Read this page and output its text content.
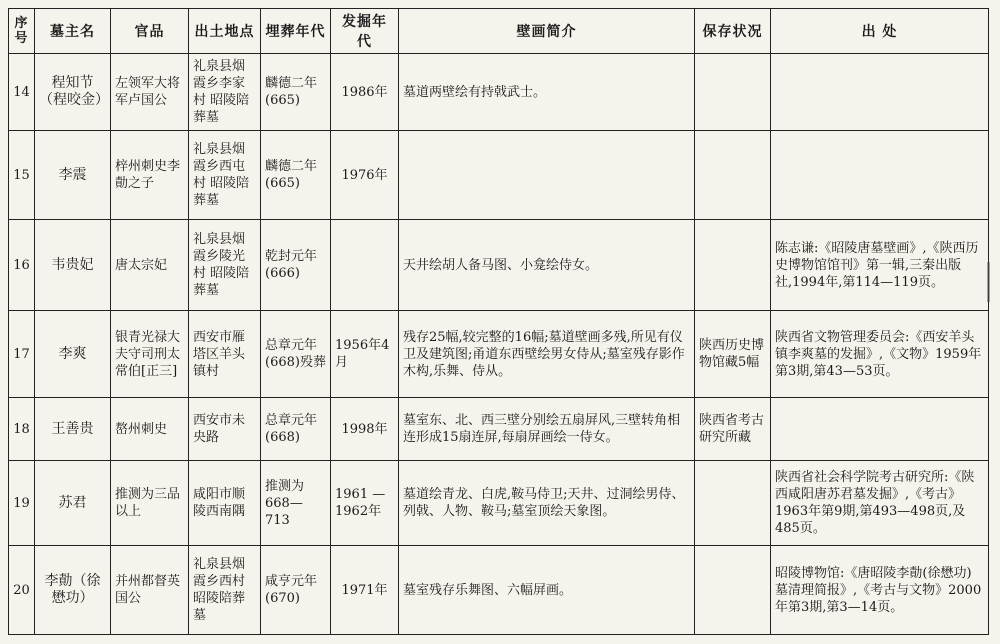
序号	墓主名	官品	出土地点	埋葬年代	发掘年代	壁画简介	保存状况	出 处
14	程知节（程咬金）	左领军大将军卢国公	礼泉县烟霞乡李家村 昭陵陪葬墓	麟德二年(665)	1986年	墓道两壁绘有持戟武士。		
15	李震	梓州刺史李勣之子	礼泉县烟霞乡西屯村 昭陵陪葬墓	麟德二年(665)	1976年			
16	韦贵妃	唐太宗妃	礼泉县烟霞乡陵光村 昭陵陪葬墓	乾封元年(666)		天井绘胡人备马图、小龛绘侍女。		陈志谦:《昭陵唐墓壁画》,《陕西历史博物馆馆刊》第一辑,三秦出版社,1994年,第114—119页。
17	李爽	银青光禄大夫守司刑太常伯[正三]	西安市雁塔区羊头镇村	总章元年(668)殁葬	1956年4月	残存25幅,较完整的16幅;墓道壁画多残,所见有仪卫及建筑图;甬道东西壁绘男女侍从;墓室残存影作木构,乐舞、侍从。	陕西历史博物馆藏5幅	陕西省文物管理委员会:《西安羊头镇李爽墓的发掘》,《文物》1959年第3期,第43—53页。
18	王善贵	嶅州刺史	西安市未央路	总章元年(668)	1998年	墓室东、北、西三壁分别绘五扇屏风,三壁转角相连形成15扇连屏,每扇屏画绘一侍女。	陕西省考古研究所藏	
19	苏君	推测为三品以上	咸阳市顺陵西南隅	推测为668—713	1961 — 1962年	墓道绘青龙、白虎,鞍马侍卫;天井、过洞绘男侍、列戟、人物、鞍马;墓室顶绘天象图。		陕西省社会科学院考古研究所:《陕西咸阳唐苏君墓发掘》,《考古》1963年第9期,第493—498页,及485页。
20	李勣（徐懋功）	并州都督英国公	礼泉县烟霞乡西村昭陵陪葬墓	咸亨元年(670)	1971年	墓室残存乐舞图、六幅屏画。		昭陵博物馆:《唐昭陵李勣(徐懋功)墓清理简报》,《考古与文物》2000年第3期,第3—14页。
